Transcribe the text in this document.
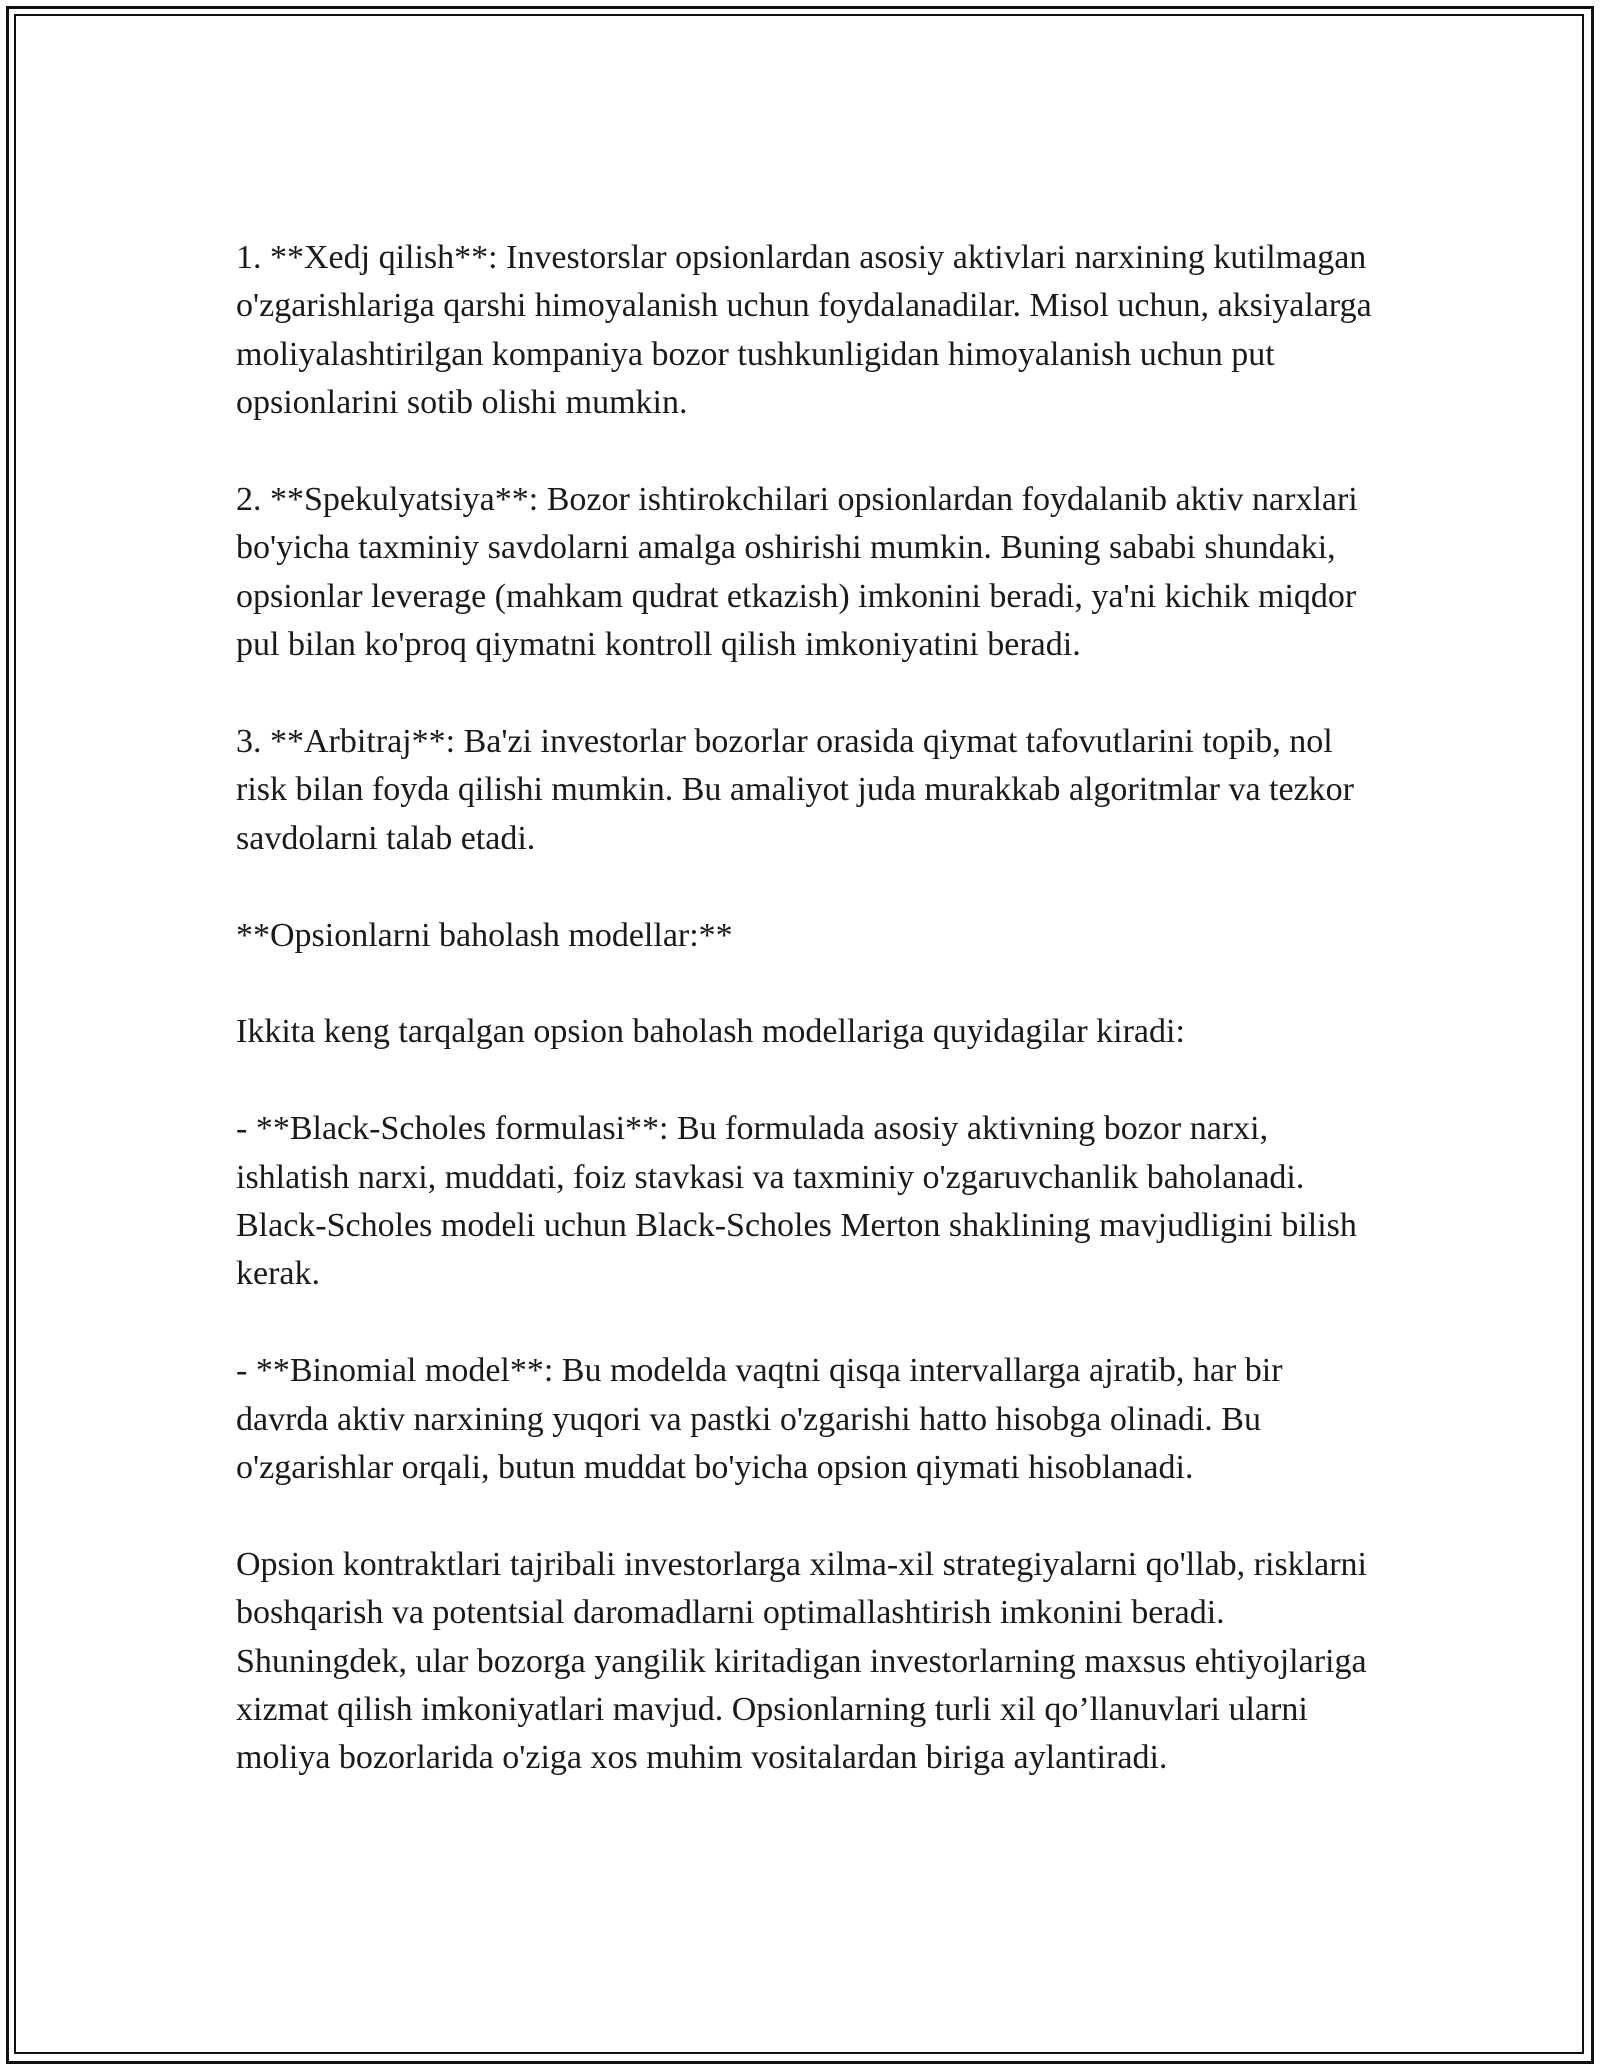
1. **Xedj qilish**: Investorslar opsionlardan asosiy aktivlari narxining kutilmagan o'zgarishlariga qarshi himoyalanish uchun foydalanadilar. Misol uchun, aksiyalarga moliyalashtirilgan kompaniya bozor tushkunligidan himoyalanish uchun put opsionlarini sotib olishi mumkin.

2. **Spekulyatsiya**: Bozor ishtirokchilari opsionlardan foydalanib aktiv narxlari bo'yicha taxminiy savdolarni amalga oshirishi mumkin. Buning sababi shundaki, opsionlar leverage (mahkam qudrat etkazish) imkonini beradi, ya'ni kichik miqdor pul bilan ko'proq qiymatni kontroll qilish imkoniyatini beradi.

3. **Arbitraj**: Ba'zi investorlar bozorlar orasida qiymat tafovutlarini topib, nol risk bilan foyda qilishi mumkin. Bu amaliyot juda murakkab algoritmlar va tezkor savdolarni talab etadi.

**Opsionlarni baholash modellar:**

Ikkita keng tarqalgan opsion baholash modellariga quyidagilar kiradi:

- **Black-Scholes formulasi**: Bu formulada asosiy aktivning bozor narxi, ishlatish narxi, muddati, foiz stavkasi va taxminiy o'zgaruvchanlik baholanadi. Black-Scholes modeli uchun Black-Scholes Merton shaklining mavjudligini bilish kerak.

- **Binomial model**: Bu modelda vaqtni qisqa intervallarga ajratib, har bir davrda aktiv narxining yuqori va pastki o'zgarishi hatto hisobga olinadi. Bu o'zgarishlar orqali, butun muddat bo'yicha opsion qiymati hisoblanadi.

Opsion kontraktlari tajribali investorlarga xilma-xil strategiyalarni qo'llab, risklarni boshqarish va potentsial daromadlarni optimallashtirish imkonini beradi. Shuningdek, ular bozorga yangilik kiritadigan investorlarning maxsus ehtiyojlariga xizmat qilish imkoniyatlari mavjud. Opsionlarning turli xil qo’llanuvlari ularni moliya bozorlarida o'ziga xos muhim vositalardan biriga aylantiradi.
